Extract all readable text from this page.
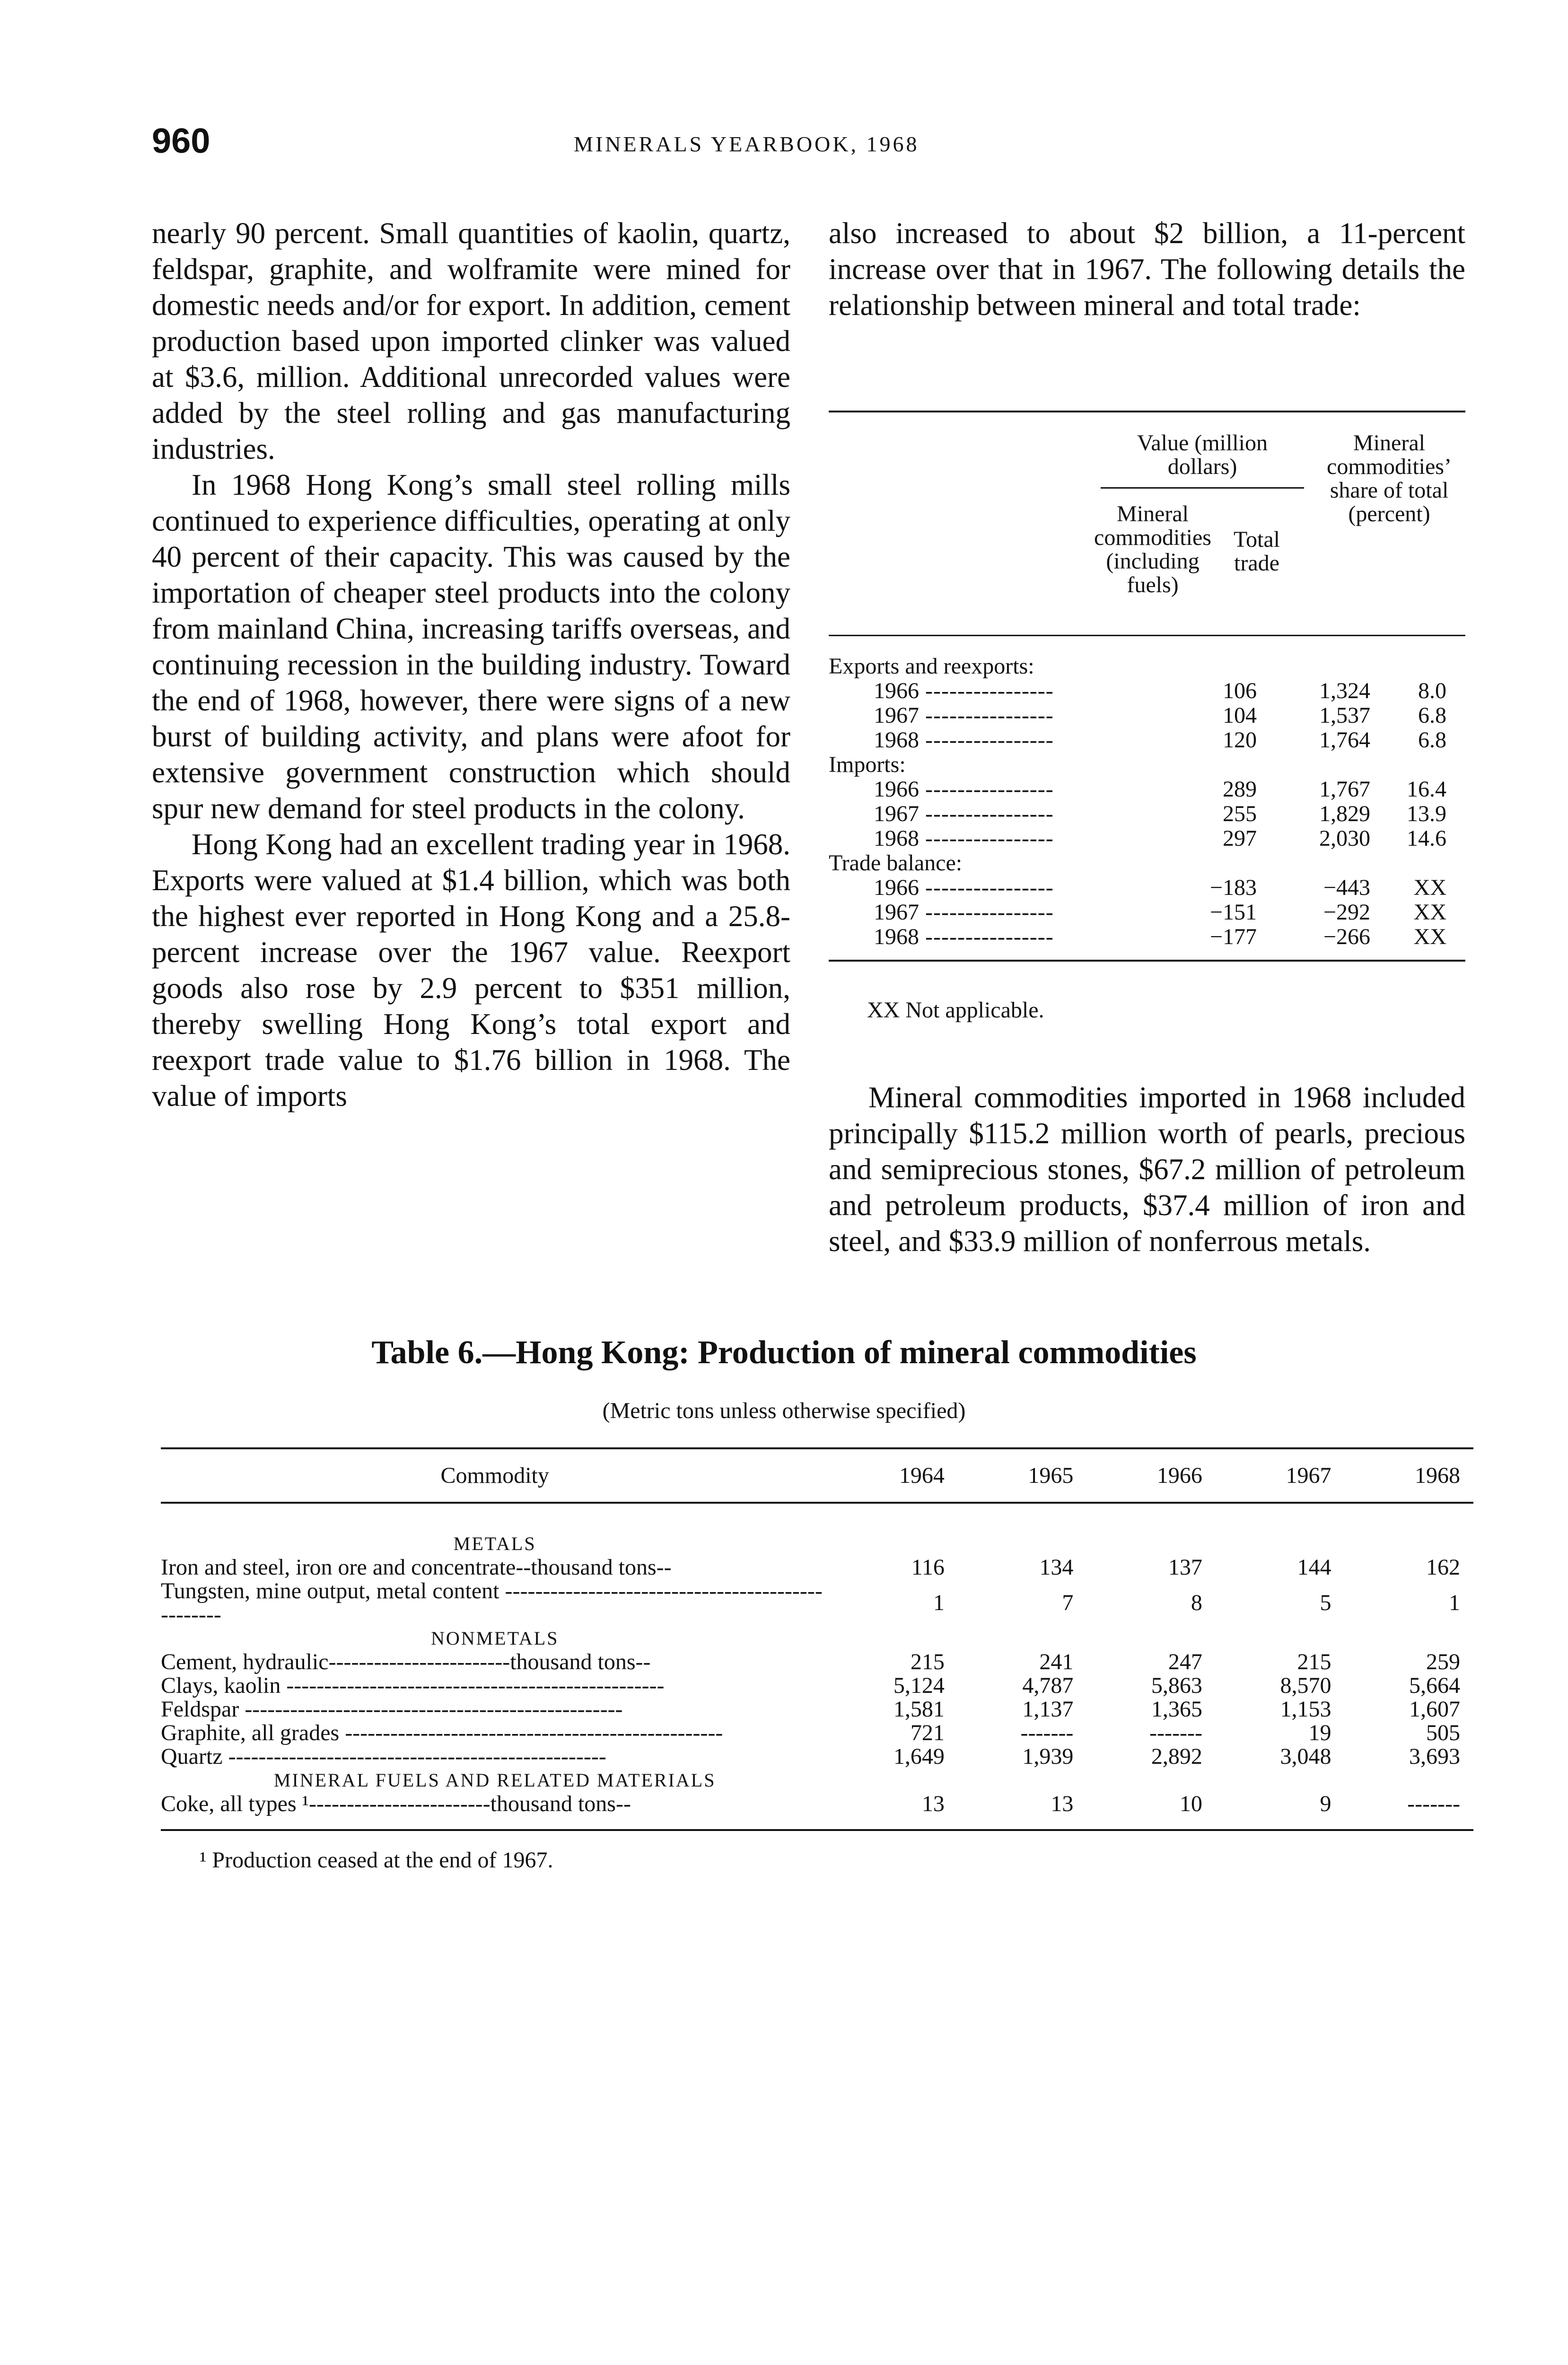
960	MINERALS YEARBOOK, 1968

nearly 90 percent. Small quantities of kaolin, quartz, feldspar, graphite, and wolframite were mined for domestic needs and/or for export. In addition, cement production based upon imported clinker was valued at $3.6, million. Additional unrecorded values were added by the steel rolling and gas manufacturing industries.

In 1968 Hong Kong’s small steel rolling mills continued to experience difficulties, operating at only 40 percent of their capacity. This was caused by the importation of cheaper steel products into the colony from mainland China, increasing tariffs overseas, and continuing recession in the building industry. Toward the end of 1968, however, there were signs of a new burst of building activity, and plans were afoot for extensive government construction which should spur new demand for steel products in the colony.

Hong Kong had an excellent trading year in 1968. Exports were valued at $1.4 billion, which was both the highest ever reported in Hong Kong and a 25.8-percent increase over the 1967 value. Reexport goods also rose by 2.9 percent to $351 million, thereby swelling Hong Kong’s total export and reexport trade value to $1.76 billion in 1968. The value of imports

also increased to about $2 billion, a 11-percent increase over that in 1967. The following details the relationship between mineral and total trade:

Value (million dollars)
Mineral commodities (including fuels)
Total trade
Mineral commodities’ share of total (percent)
Exports and reexports:			
1966 -----	106	1,324	8.0
1967 -----	104	1,537	6.8
1968 -----	120	1,764	6.8
Imports:			
1966 -----	289	1,767	16.4
1967 -----	255	1,829	13.9
1968 -----	297	2,030	14.6
Trade balance:			
1966 -----	−183	−443	XX
1967 -----	−151	−292	XX
1968 -----	−177	−266	XX
XX Not applicable.

Mineral commodities imported in 1968 included principally $115.2 million worth of pearls, precious and semiprecious stones, $67.2 million of petroleum and petroleum products, $37.4 million of iron and steel, and $33.9 million of nonferrous metals.

Table 6.—Hong Kong: Production of mineral commodities
(Metric tons unless otherwise specified)
Commodity	1964	1965	1966	1967	1968

METALS					
Iron and steel, iron ore and concentrate--thousand tons--	116	134	137	144	162
Tungsten, mine output, metal content -----	1	7	8	5	1
NONMETALS					
Cement, hydraulic------------------------thousand tons--	215	241	247	215	259
Clays, kaolin -----	5,124	4,787	5,863	8,570	5,664
Feldspar -----	1,581	1,137	1,365	1,153	1,607
Graphite, all grades -----	721	-------	-------	19	505
Quartz -----	1,649	1,939	2,892	3,048	3,693
MINERAL FUELS AND RELATED MATERIALS					
Coke, all types ¹------------------------thousand tons--	13	13	10	9	-------
¹ Production ceased at the end of 1967.
